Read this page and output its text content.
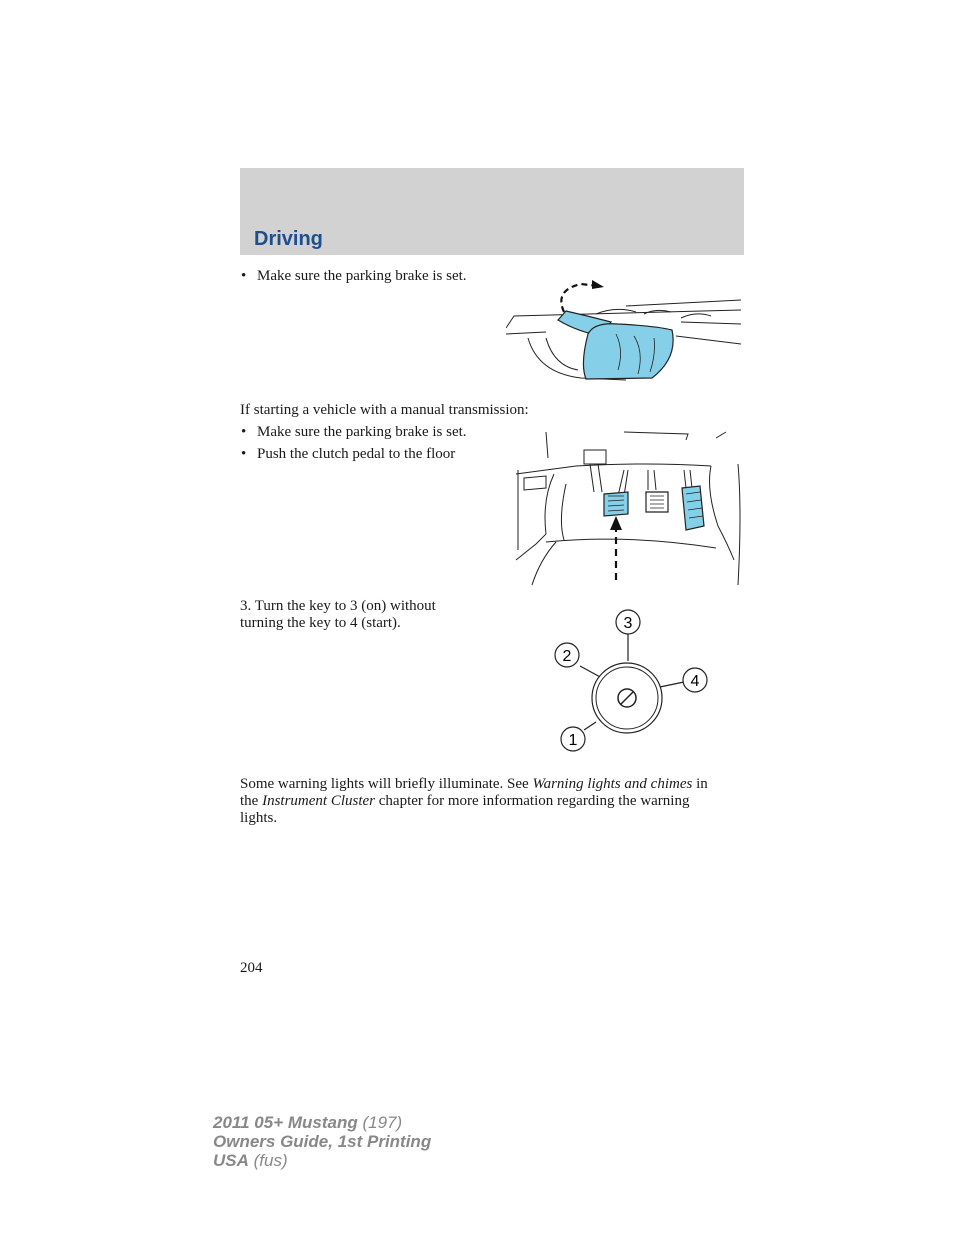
Driving
• Make sure the parking brake is set.
If starting a vehicle with a manual transmission:
• Make sure the parking brake is set.
• Push the clutch pedal to the floor
3. Turn the key to 3 (on) without turning the key to 4 (start).	3
2
4
1

Some warning lights will briefly illuminate. See Warning lights and chimes in the Instrument Cluster chapter for more information regarding the warning lights.

204
2011 05+ Mustang (197)
Owners Guide, 1st Printing
USA (fus)
